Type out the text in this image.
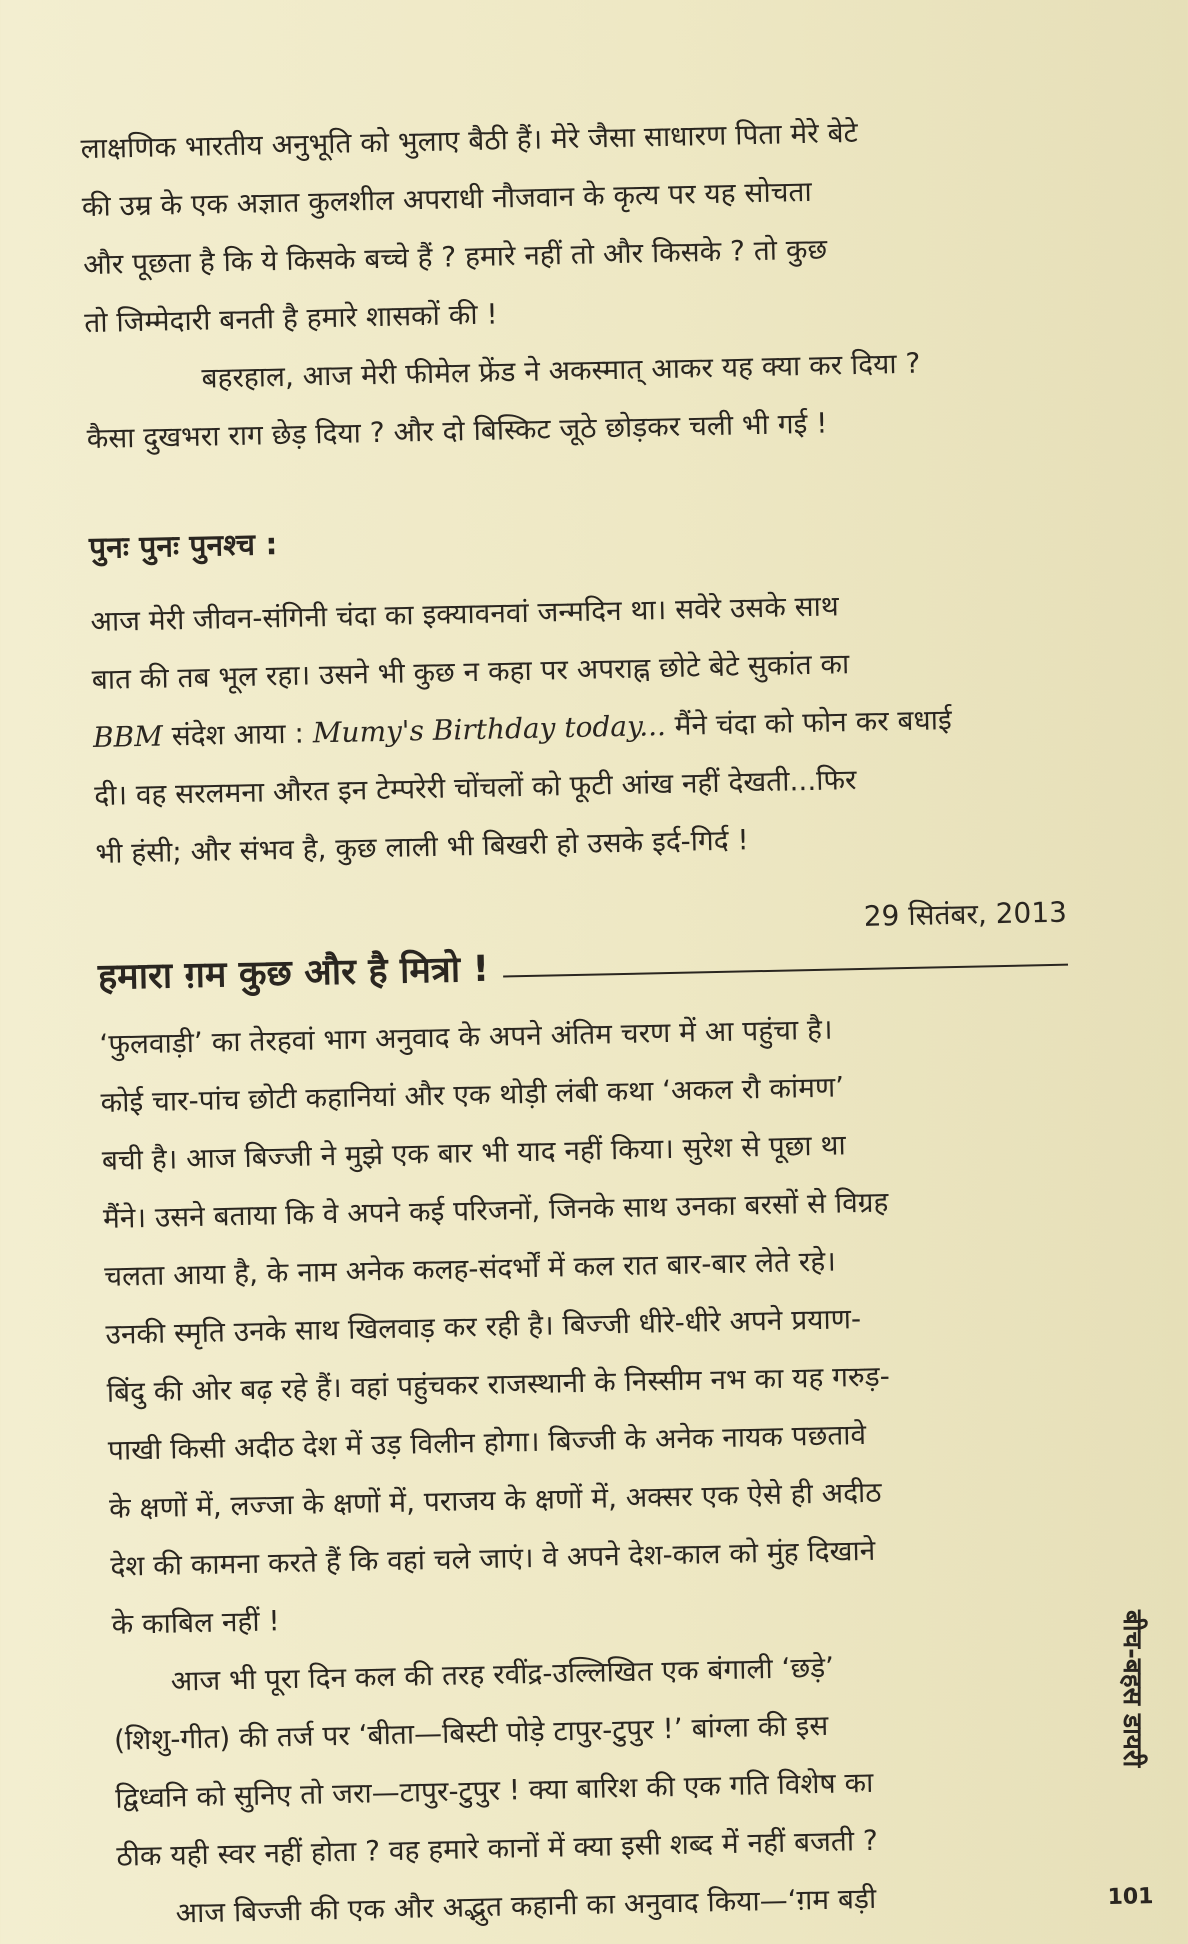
लाक्षणिक भारतीय अनुभूति को भुलाए बैठी हैं। मेरे जैसा साधारण पिता मेरे बेटे
की उम्र के एक अज्ञात कुलशील अपराधी नौजवान के कृत्य पर यह सोचता
और पूछता है कि ये किसके बच्चे हैं ? हमारे नहीं तो और किसके ? तो कुछ
तो जिम्मेदारी बनती है हमारे शासकों की !
बहरहाल, आज मेरी फीमेल फ्रेंड ने अकस्मात् आकर यह क्या कर दिया ?
कैसा दुखभरा राग छेड़ दिया ? और दो बिस्किट जूठे छोड़कर चली भी गई !

पुनः पुनः पुनश्च :

आज मेरी जीवन-संगिनी चंदा का इक्यावनवां जन्मदिन था। सवेरे उसके साथ
बात की तब भूल रहा। उसने भी कुछ न कहा पर अपराह्न छोटे बेटे सुकांत का
BBM संदेश आया : Mumy's Birthday today... मैंने चंदा को फोन कर बधाई
दी। वह सरलमना औरत इन टेम्परेरी चोंचलों को फूटी आंख नहीं देखती...फिर
भी हंसी; और संभव है, कुछ लाली भी बिखरी हो उसके इर्द-गिर्द !
29 सितंबर, 2013
हमारा ग़म कुछ और है मित्रो !
‘फुलवाड़ी’ का तेरहवां भाग अनुवाद के अपने अंतिम चरण में आ पहुंचा है।
कोई चार-पांच छोटी कहानियां और एक थोड़ी लंबी कथा ‘अकल रौ कांमण’
बची है। आज बिज्जी ने मुझे एक बार भी याद नहीं किया। सुरेश से पूछा था
मैंने। उसने बताया कि वे अपने कई परिजनों, जिनके साथ उनका बरसों से विग्रह
चलता आया है, के नाम अनेक कलह-संदर्भों में कल रात बार-बार लेते रहे।
उनकी स्मृति उनके साथ खिलवाड़ कर रही है। बिज्जी धीरे-धीरे अपने प्रयाण-
बिंदु की ओर बढ़ रहे हैं। वहां पहुंचकर राजस्थानी के निस्सीम नभ का यह गरुड़-
पाखी किसी अदीठ देश में उड़ विलीन होगा। बिज्जी के अनेक नायक पछतावे
के क्षणों में, लज्जा के क्षणों में, पराजय के क्षणों में, अक्सर एक ऐसे ही अदीठ
देश की कामना करते हैं कि वहां चले जाएं। वे अपने देश-काल को मुंह दिखाने
के काबिल नहीं !
आज भी पूरा दिन कल की तरह रवींद्र-उल्लिखित एक बंगाली ‘छड़े’
(शिशु-गीत) की तर्ज पर ‘बीता—बिस्टी पोड़े टापुर-टुपुर !’ बांग्ला की इस
द्विध्वनि को सुनिए तो जरा—टापुर-टुपुर ! क्या बारिश की एक गति विशेष का
ठीक यही स्वर नहीं होता ? वह हमारे कानों में क्या इसी शब्द में नहीं बजती ?
आज बिज्जी की एक और अद्भुत कहानी का अनुवाद किया—‘ग़म बड़ी	101
बीच-बहस डायरी
